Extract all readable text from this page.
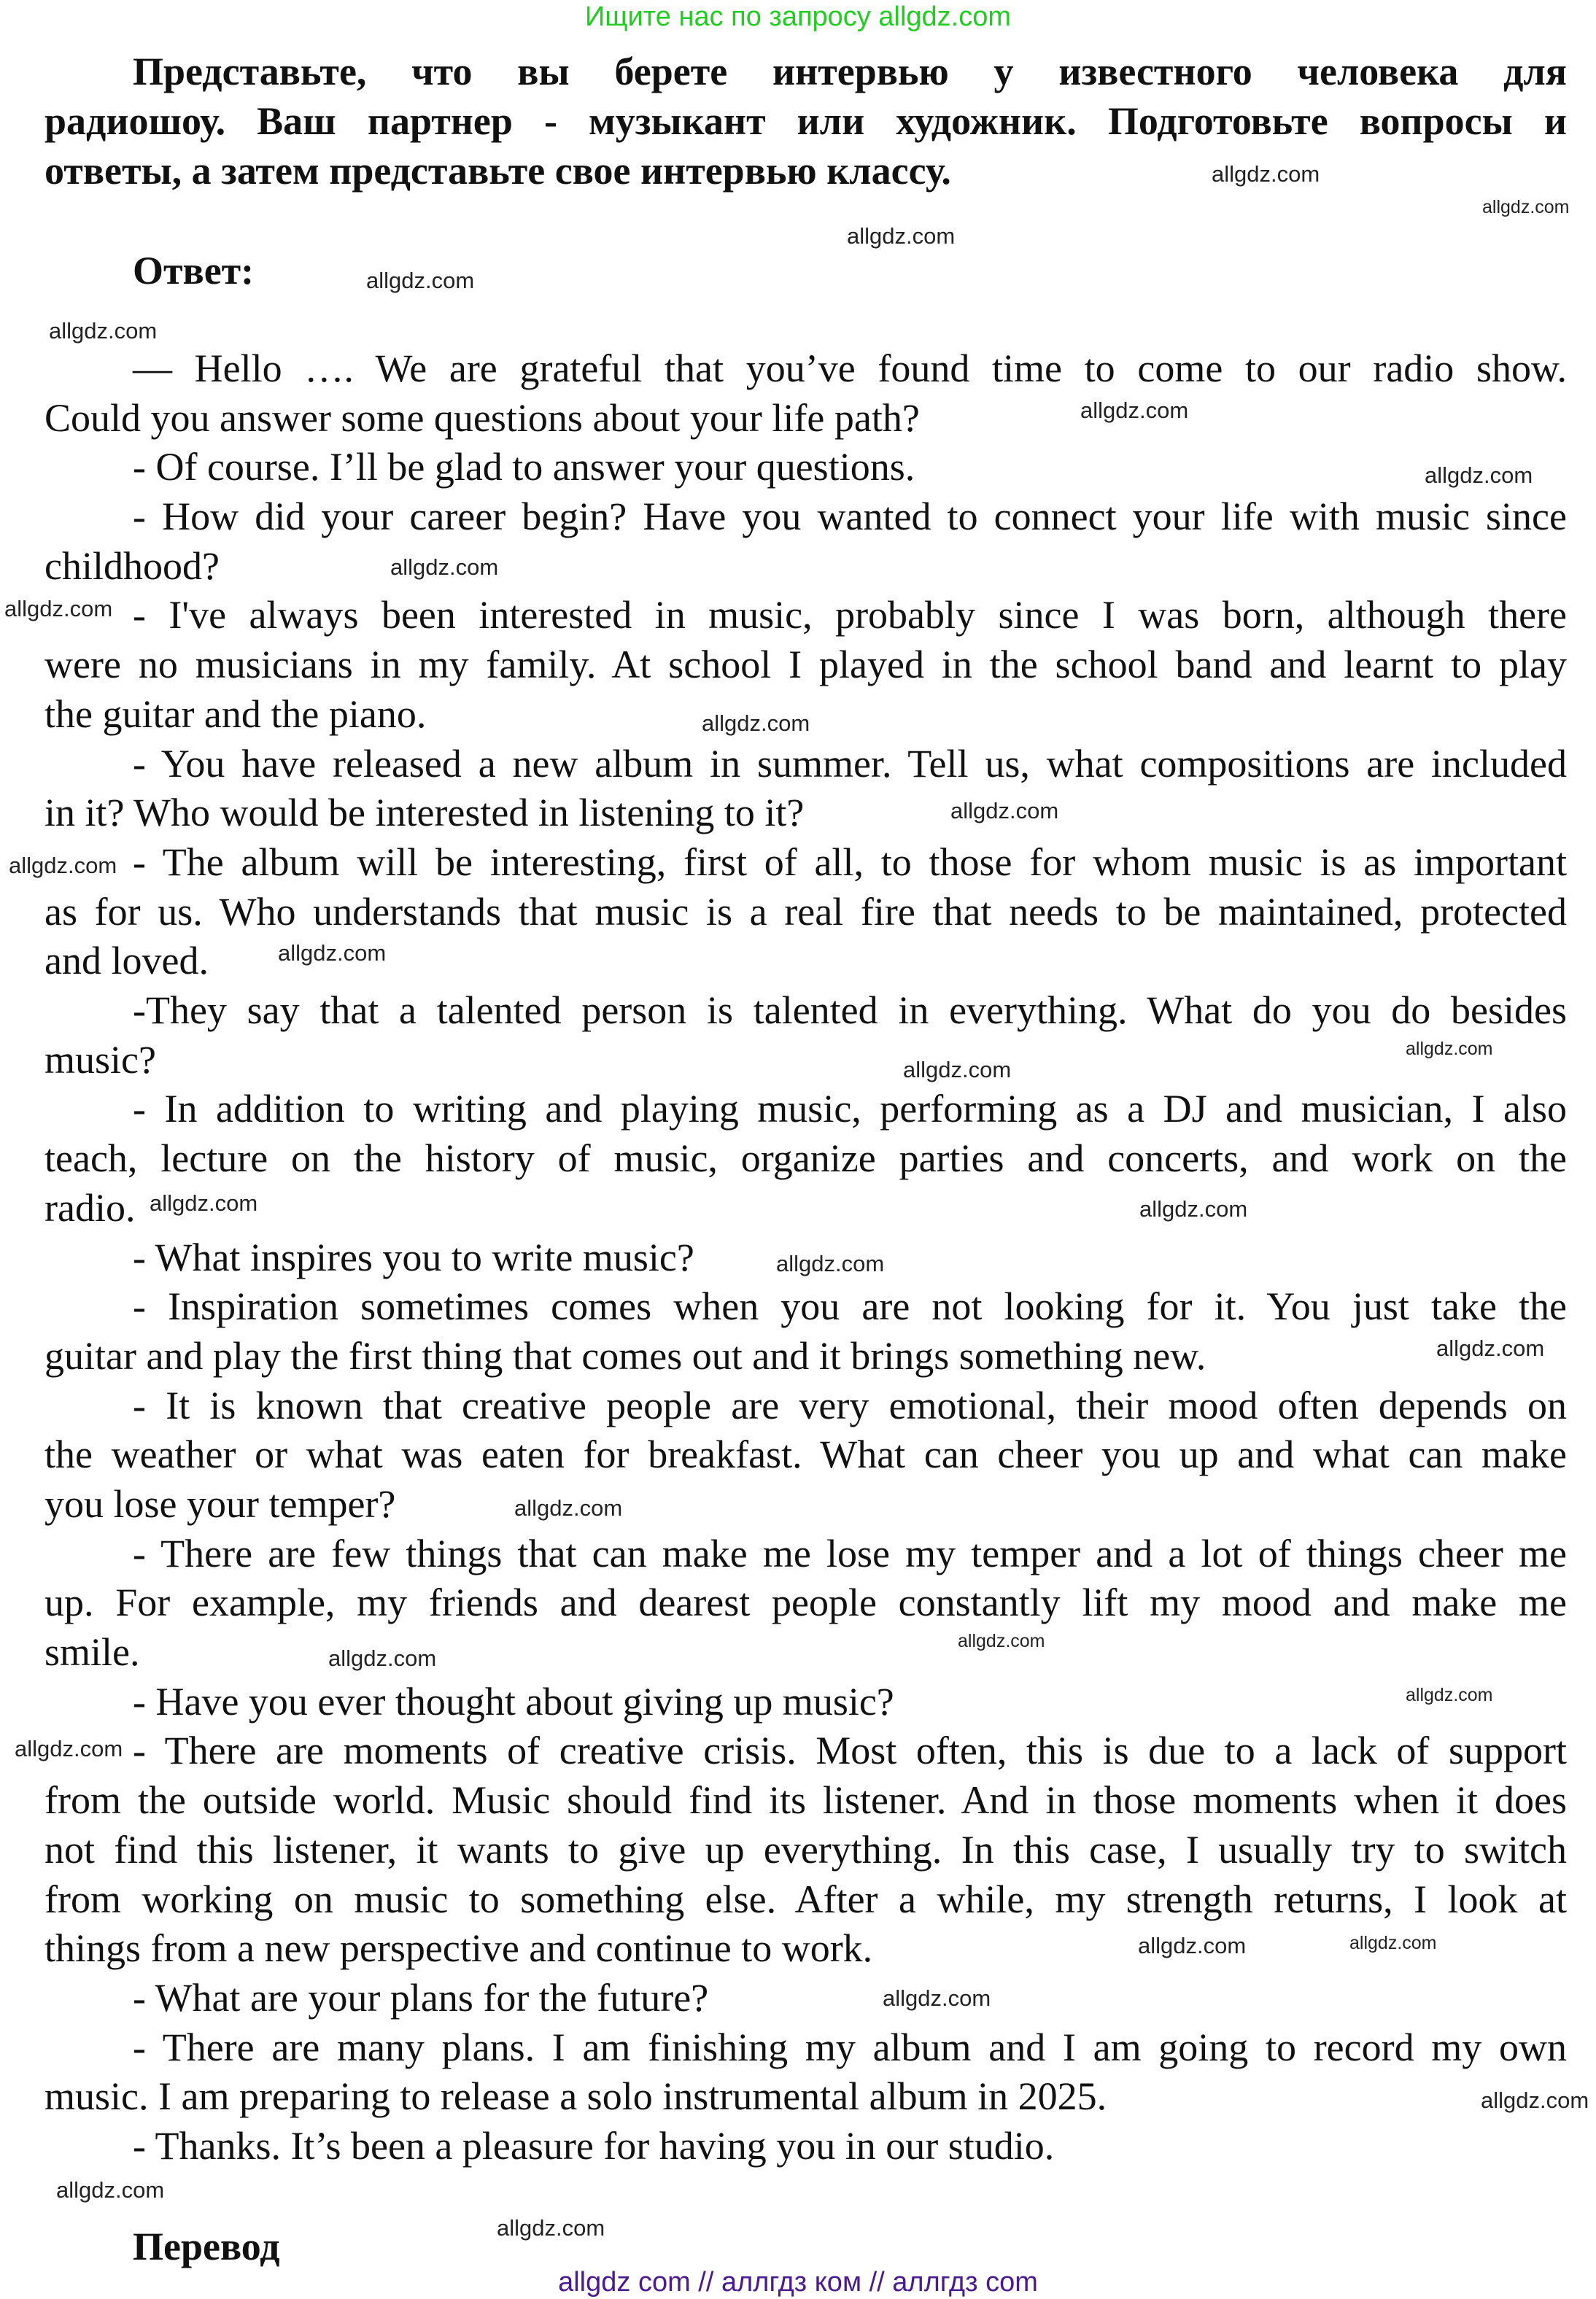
Ищите нас по запросу allgdz.com
Представьте, что вы берете интервью у известного человека для
радиошоу. Ваш партнер - музыкант или художник. Подготовьте вопросы и
ответы, а затем представьте свое интервью классу.
Ответ:
— Hello …. We are grateful that you’ve found time to come to our radio show.
Could you answer some questions about your life path?
- Of course. I’ll be glad to answer your questions.
- How did your career begin? Have you wanted to connect your life with music since
childhood?
- I've always been interested in music, probably since I was born, although there
were no musicians in my family. At school I played in the school band and learnt to play
the guitar and the piano.
- You have released a new album in summer. Tell us, what compositions are included
in it? Who would be interested in listening to it?
- The album will be interesting, first of all, to those for whom music is as important
as for us. Who understands that music is a real fire that needs to be maintained, protected
and loved.
-They say that a talented person is talented in everything. What do you do besides
music?
- In addition to writing and playing music, performing as a DJ and musician, I also
teach, lecture on the history of music, organize parties and concerts, and work on the
radio.
- What inspires you to write music?
- Inspiration sometimes comes when you are not looking for it. You just take the
guitar and play the first thing that comes out and it brings something new.
- It is known that creative people are very emotional, their mood often depends on
the weather or what was eaten for breakfast. What can cheer you up and what can make
you lose your temper?
- There are few things that can make me lose my temper and a lot of things cheer me
up. For example, my friends and dearest people constantly lift my mood and make me
smile.
- Have you ever thought about giving up music?
- There are moments of creative crisis. Most often, this is due to a lack of support
from the outside world. Music should find its listener. And in those moments when it does
not find this listener, it wants to give up everything. In this case, I usually try to switch
from working on music to something else. After a while, my strength returns, I look at
things from a new perspective and continue to work.
- What are your plans for the future?
- There are many plans. I am finishing my album and I am going to record my own
music. I am preparing to release a solo instrumental album in 2025.
- Thanks. It’s been a pleasure for having you in our studio.
Перевод
allgdz.com
allgdz.com
allgdz.com
allgdz.com
allgdz.com
allgdz.com
allgdz.com
allgdz.com
allgdz.com
allgdz.com
allgdz.com
allgdz.com
allgdz.com
allgdz.com
allgdz.com
allgdz.com	allgdz.com
allgdz.com
allgdz.com
allgdz.com
allgdz.com
allgdz.com
allgdz.com
allgdz.com
allgdz.com
allgdz.com
allgdz.com
allgdz.com
allgdz.com
allgdz.com
allgdz com // аллгдз ком // аллгдз com
